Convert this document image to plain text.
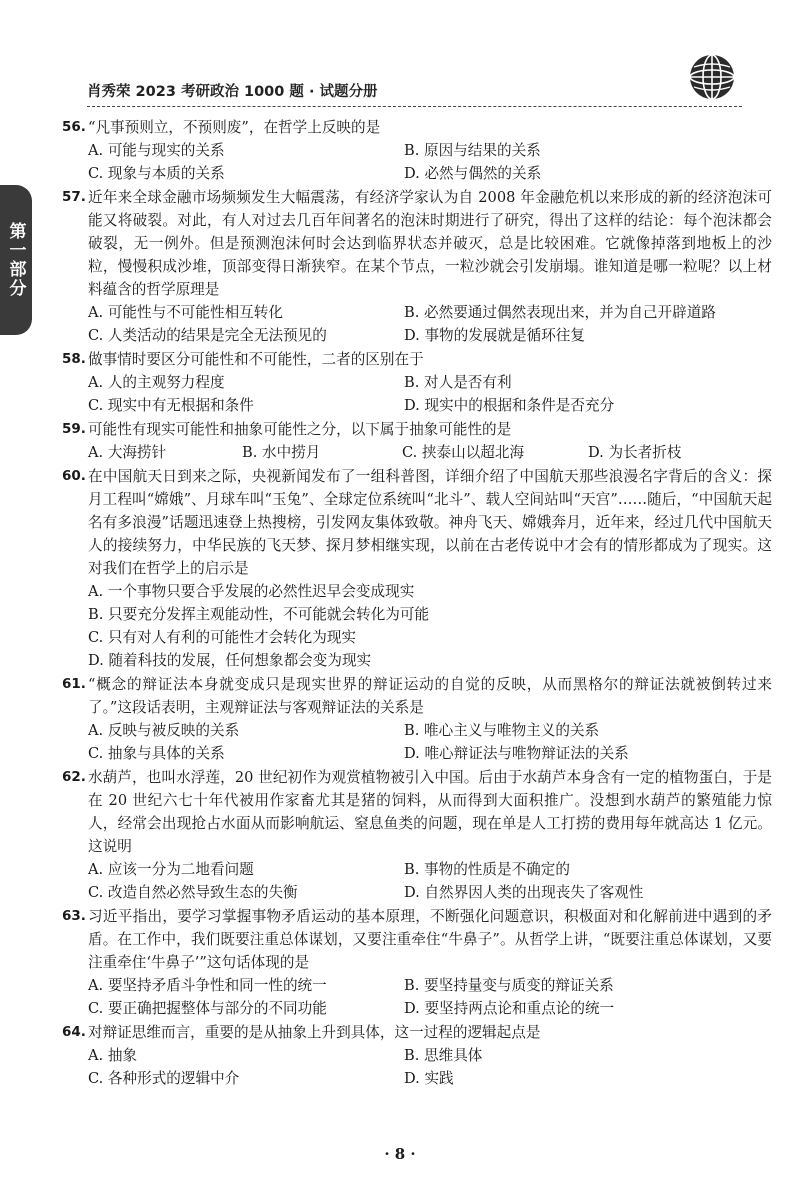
肖秀荣 2023 考研政治 1000 题 · 试题分册
第一部分
56. “凡事预则立，不预则废”，在哲学上反映的是
A. 可能与现实的关系	B. 原因与结果的关系
C. 现象与本质的关系	D. 必然与偶然的关系
57. 近年来全球金融市场频频发生大幅震荡，有经济学家认为自 2008 年金融危机以来形成的新的经济泡沫可能又将破裂。对此，有人对过去几百年间著名的泡沫时期进行了研究，得出了这样的结论：每个泡沫都会破裂，无一例外。但是预测泡沫何时会达到临界状态并破灭，总是比较困难。它就像掉落到地板上的沙粒，慢慢积成沙堆，顶部变得日渐狭窄。在某个节点，一粒沙就会引发崩塌。谁知道是哪一粒呢？以上材料蕴含的哲学原理是
A. 可能性与不可能性相互转化	B. 必然要通过偶然表现出来，并为自己开辟道路
C. 人类活动的结果是完全无法预见的	D. 事物的发展就是循环往复
58. 做事情时要区分可能性和不可能性，二者的区别在于
A. 人的主观努力程度	B. 对人是否有利
C. 现实中有无根据和条件	D. 现实中的根据和条件是否充分
59. 可能性有现实可能性和抽象可能性之分，以下属于抽象可能性的是
A. 大海捞针	B. 水中捞月	C. 挟泰山以超北海	D. 为长者折枝
60. 在中国航天日到来之际，央视新闻发布了一组科普图，详细介绍了中国航天那些浪漫名字背后的含义：探月工程叫“嫦娥”、月球车叫“玉兔”、全球定位系统叫“北斗”、载人空间站叫“天宫”……随后，“中国航天起名有多浪漫”话题迅速登上热搜榜，引发网友集体致敬。神舟飞天、嫦娥奔月，近年来，经过几代中国航天人的接续努力，中华民族的飞天梦、探月梦相继实现，以前在古老传说中才会有的情形都成为了现实。这对我们在哲学上的启示是
A. 一个事物只要合乎发展的必然性迟早会变成现实
B. 只要充分发挥主观能动性，不可能就会转化为可能
C. 只有对人有利的可能性才会转化为现实
D. 随着科技的发展，任何想象都会变为现实
61. “概念的辩证法本身就变成只是现实世界的辩证运动的自觉的反映，从而黑格尔的辩证法就被倒转过来了。”这段话表明，主观辩证法与客观辩证法的关系是
A. 反映与被反映的关系	B. 唯心主义与唯物主义的关系
C. 抽象与具体的关系	D. 唯心辩证法与唯物辩证法的关系
62. 水葫芦，也叫水浮莲，20 世纪初作为观赏植物被引入中国。后由于水葫芦本身含有一定的植物蛋白，于是在 20 世纪六七十年代被用作家畜尤其是猪的饲料，从而得到大面积推广。没想到水葫芦的繁殖能力惊人，经常会出现抢占水面从而影响航运、窒息鱼类的问题，现在单是人工打捞的费用每年就高达 1 亿元。这说明
A. 应该一分为二地看问题	B. 事物的性质是不确定的
C. 改造自然必然导致生态的失衡	D. 自然界因人类的出现丧失了客观性
63. 习近平指出，要学习掌握事物矛盾运动的基本原理，不断强化问题意识，积极面对和化解前进中遇到的矛盾。在工作中，我们既要注重总体谋划，又要注重牵住“牛鼻子”。从哲学上讲，“既要注重总体谋划，又要注重牵住‘牛鼻子’”这句话体现的是
A. 要坚持矛盾斗争性和同一性的统一	B. 要坚持量变与质变的辩证关系
C. 要正确把握整体与部分的不同功能	D. 要坚持两点论和重点论的统一
64. 对辩证思维而言，重要的是从抽象上升到具体，这一过程的逻辑起点是
A. 抽象	B. 思维具体
C. 各种形式的逻辑中介	D. 实践
· 8 ·
